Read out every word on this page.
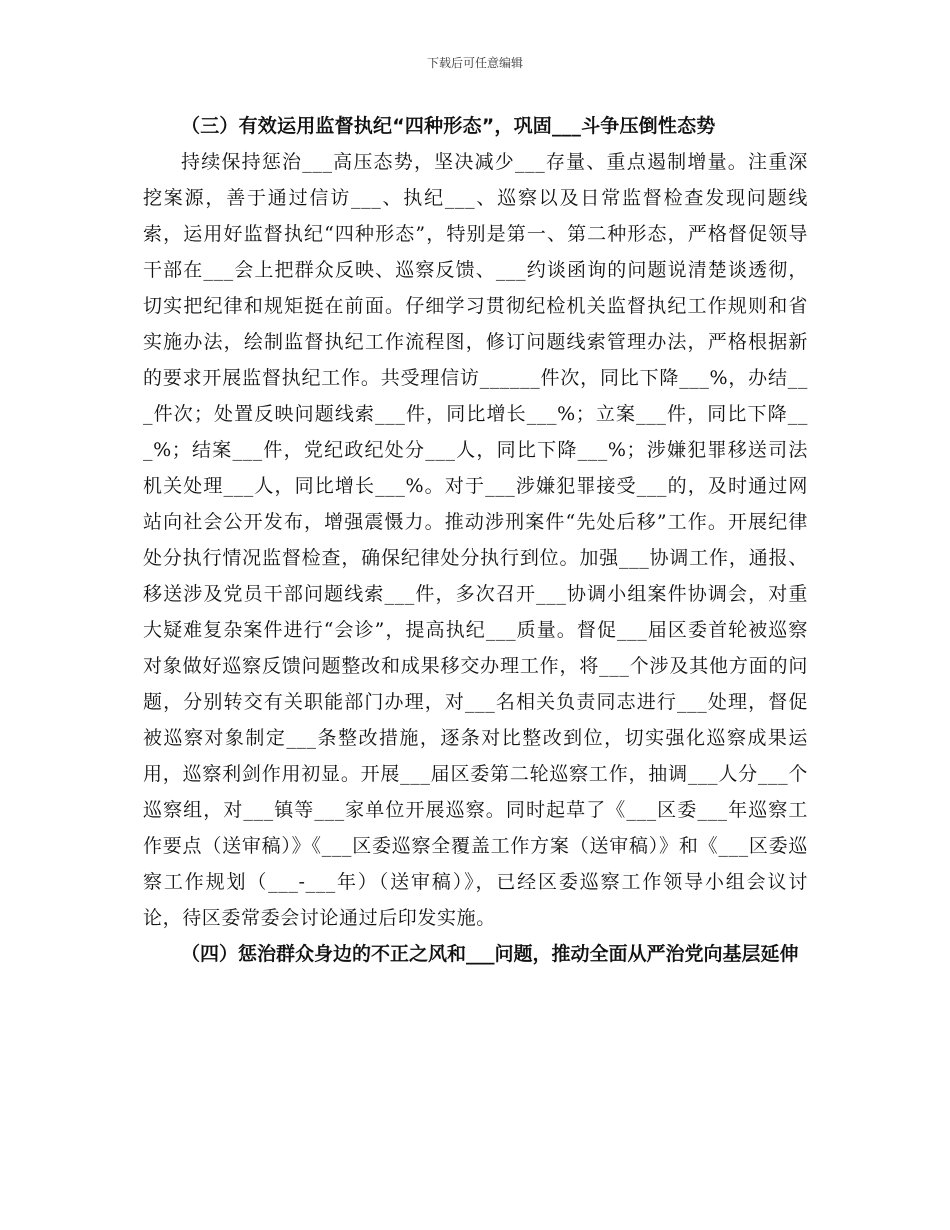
下载后可任意编辑

（三）有效运用监督执纪“四种形态”，巩固___斗争压倒性态势

持续保持惩治___高压态势，坚决减少___存量、重点遏制增量。注重深挖案源，善于通过信访___、执纪___、巡察以及日常监督检查发现问题线索，运用好监督执纪“四种形态”，特别是第一、第二种形态，严格督促领导干部在___会上把群众反映、巡察反馈、___约谈函询的问题说清楚谈透彻，切实把纪律和规矩挺在前面。仔细学习贯彻纪检机关监督执纪工作规则和省实施办法，绘制监督执纪工作流程图，修订问题线索管理办法，严格根据新的要求开展监督执纪工作。共受理信访______件次，同比下降___%，办结___件次；处置反映问题线索___件，同比增长___%；立案___件，同比下降___%；结案___件，党纪政纪处分___人，同比下降___%；涉嫌犯罪移送司法机关处理___人，同比增长___%。对于___涉嫌犯罪接受___的，及时通过网站向社会公开发布，增强震慑力。推动涉刑案件“先处后移”工作。开展纪律处分执行情况监督检查，确保纪律处分执行到位。加强___协调工作，通报、移送涉及党员干部问题线索___件，多次召开___协调小组案件协调会，对重大疑难复杂案件进行“会诊”，提高执纪___质量。督促___届区委首轮被巡察对象做好巡察反馈问题整改和成果移交办理工作，将___个涉及其他方面的问题，分别转交有关职能部门办理，对___名相关负责同志进行___处理，督促被巡察对象制定___条整改措施，逐条对比整改到位，切实强化巡察成果运用，巡察利剑作用初显。开展___届区委第二轮巡察工作，抽调___人分___个巡察组，对___镇等___家单位开展巡察。同时起草了《___区委___年巡察工作要点（送审稿）》《___区委巡察全覆盖工作方案（送审稿）》和《___区委巡察工作规划（___-___年）（送审稿）》，已经区委巡察工作领导小组会议讨论，待区委常委会讨论通过后印发实施。

（四）惩治群众身边的不正之风和___问题，推动全面从严治党向基层延伸
